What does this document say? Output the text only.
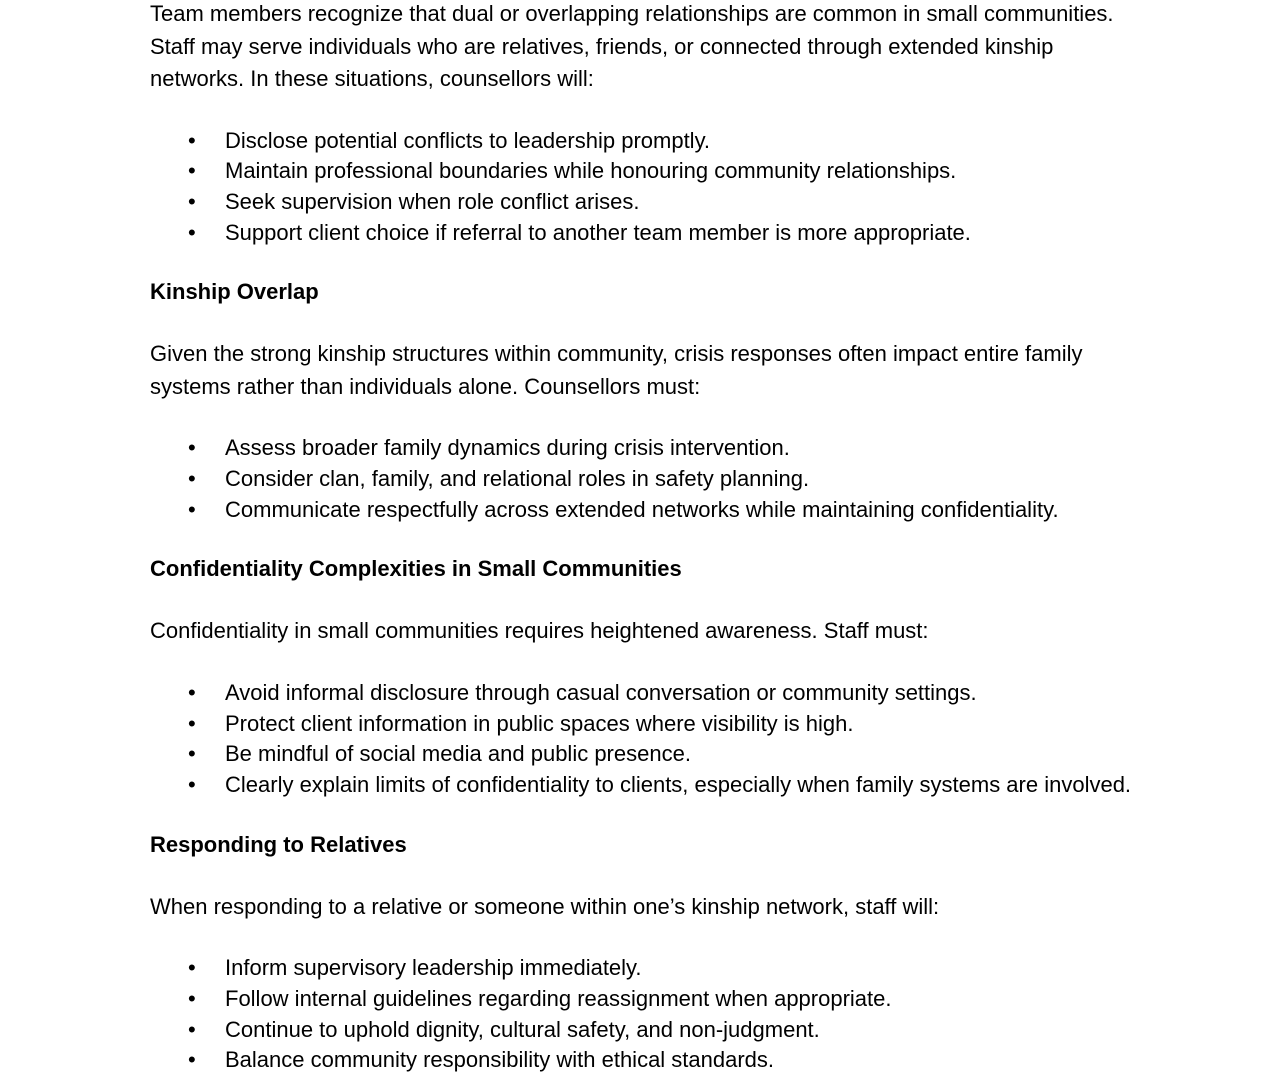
Team members recognize that dual or overlapping relationships are common in small communities.
Staff may serve individuals who are relatives, friends, or connected through extended kinship
networks. In these situations, counsellors will:

• Disclose potential conflicts to leadership promptly.
• Maintain professional boundaries while honouring community relationships.
• Seek supervision when role conflict arises.
• Support client choice if referral to another team member is more appropriate.
Kinship Overlap

Given the strong kinship structures within community, crisis responses often impact entire family
systems rather than individuals alone. Counsellors must:

• Assess broader family dynamics during crisis intervention.
• Consider clan, family, and relational roles in safety planning.
• Communicate respectfully across extended networks while maintaining confidentiality.
Confidentiality Complexities in Small Communities

Confidentiality in small communities requires heightened awareness. Staff must:

• Avoid informal disclosure through casual conversation or community settings.
• Protect client information in public spaces where visibility is high.
• Be mindful of social media and public presence.
• Clearly explain limits of confidentiality to clients, especially when family systems are involved.
Responding to Relatives

When responding to a relative or someone within one’s kinship network, staff will:

• Inform supervisory leadership immediately.
• Follow internal guidelines regarding reassignment when appropriate.
• Continue to uphold dignity, cultural safety, and non-judgment.
• Balance community responsibility with ethical standards.
